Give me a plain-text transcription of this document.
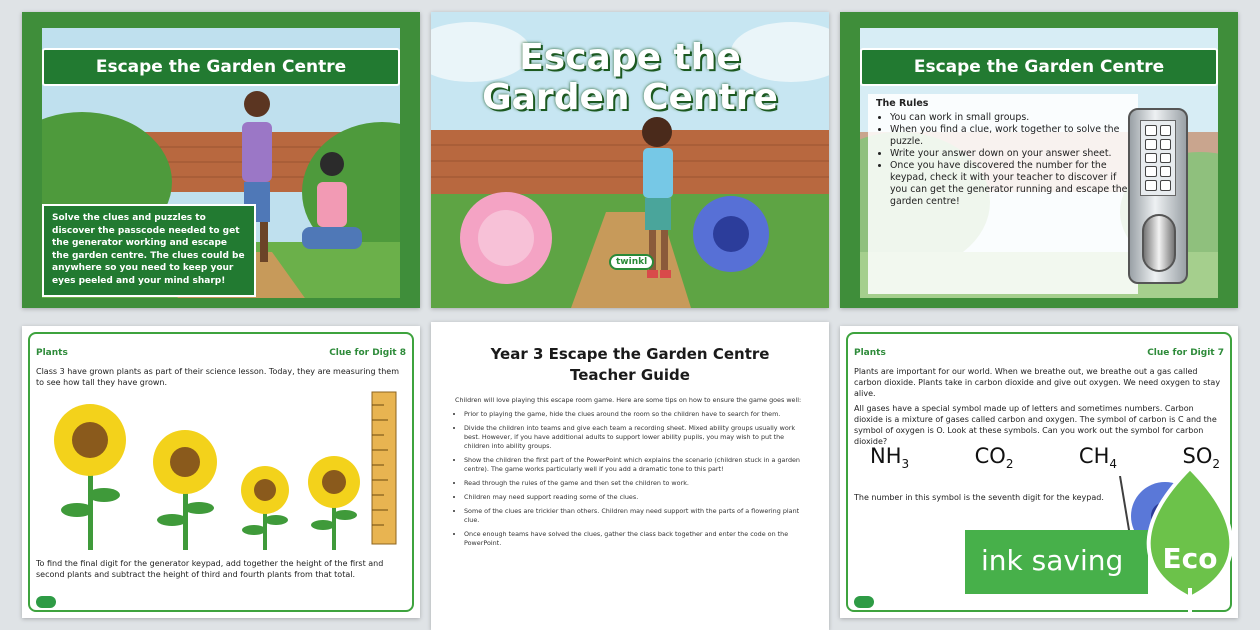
Escape the Garden Centre
Solve the clues and puzzles to discover the passcode needed to get the generator working and escape the garden centre. The clues could be anywhere so you need to keep your eyes peeled and your mind sharp!
Escape the
Garden Centre
twinkl
Escape the Garden Centre
The Rules
• You can work in small groups.
• When you find a clue, work together to solve the puzzle.
• Write your answer down on your answer sheet.
• Once you have discovered the number for the keypad, check it with your teacher to discover if you can get the generator running and escape the garden centre!
Plants	Clue for Digit 8
Class 3 have grown plants as part of their science lesson. Today, they are measuring them to see how tall they have grown.
To find the final digit for the generator keypad, add together the height of the first and second plants and subtract the height of third and fourth plants from that total.
Year 3 Escape the Garden Centre
Teacher Guide

Children will love playing this escape room game. Here are some tips on how to ensure the game goes well:

• Prior to playing the game, hide the clues around the room so the children have to search for them.
• Divide the children into teams and give each team a recording sheet. Mixed ability groups usually work best. However, if you have additional adults to support lower ability pupils, you may wish to put the children into ability groups.
• Show the children the first part of the PowerPoint which explains the scenario (children stuck in a garden centre). The game works particularly well if you add a dramatic tone to this part!
• Read through the rules of the game and then set the children to work.
• Children may need support reading some of the clues.
• Some of the clues are trickier than others. Children may need support with the parts of a flowering plant clue.
• Once enough teams have solved the clues, gather the class back together and enter the code on the PowerPoint.
Plants	Clue for Digit 7
Plants are important for our world. When we breathe out, we breathe out a gas called carbon dioxide. Plants take in carbon dioxide and give out oxygen. We need oxygen to stay alive.
All gases have a special symbol made up of letters and sometimes numbers. Carbon dioxide is a mixture of gases called carbon and oxygen. The symbol of carbon is C and the symbol of oxygen is O. Look at these symbols. Can you work out the symbol for carbon dioxide?
$NH_3$	$CO_2$	$CH_4$	$SO_2$
The number in this symbol is the seventh digit for the keypad.
ink saving	Eco
